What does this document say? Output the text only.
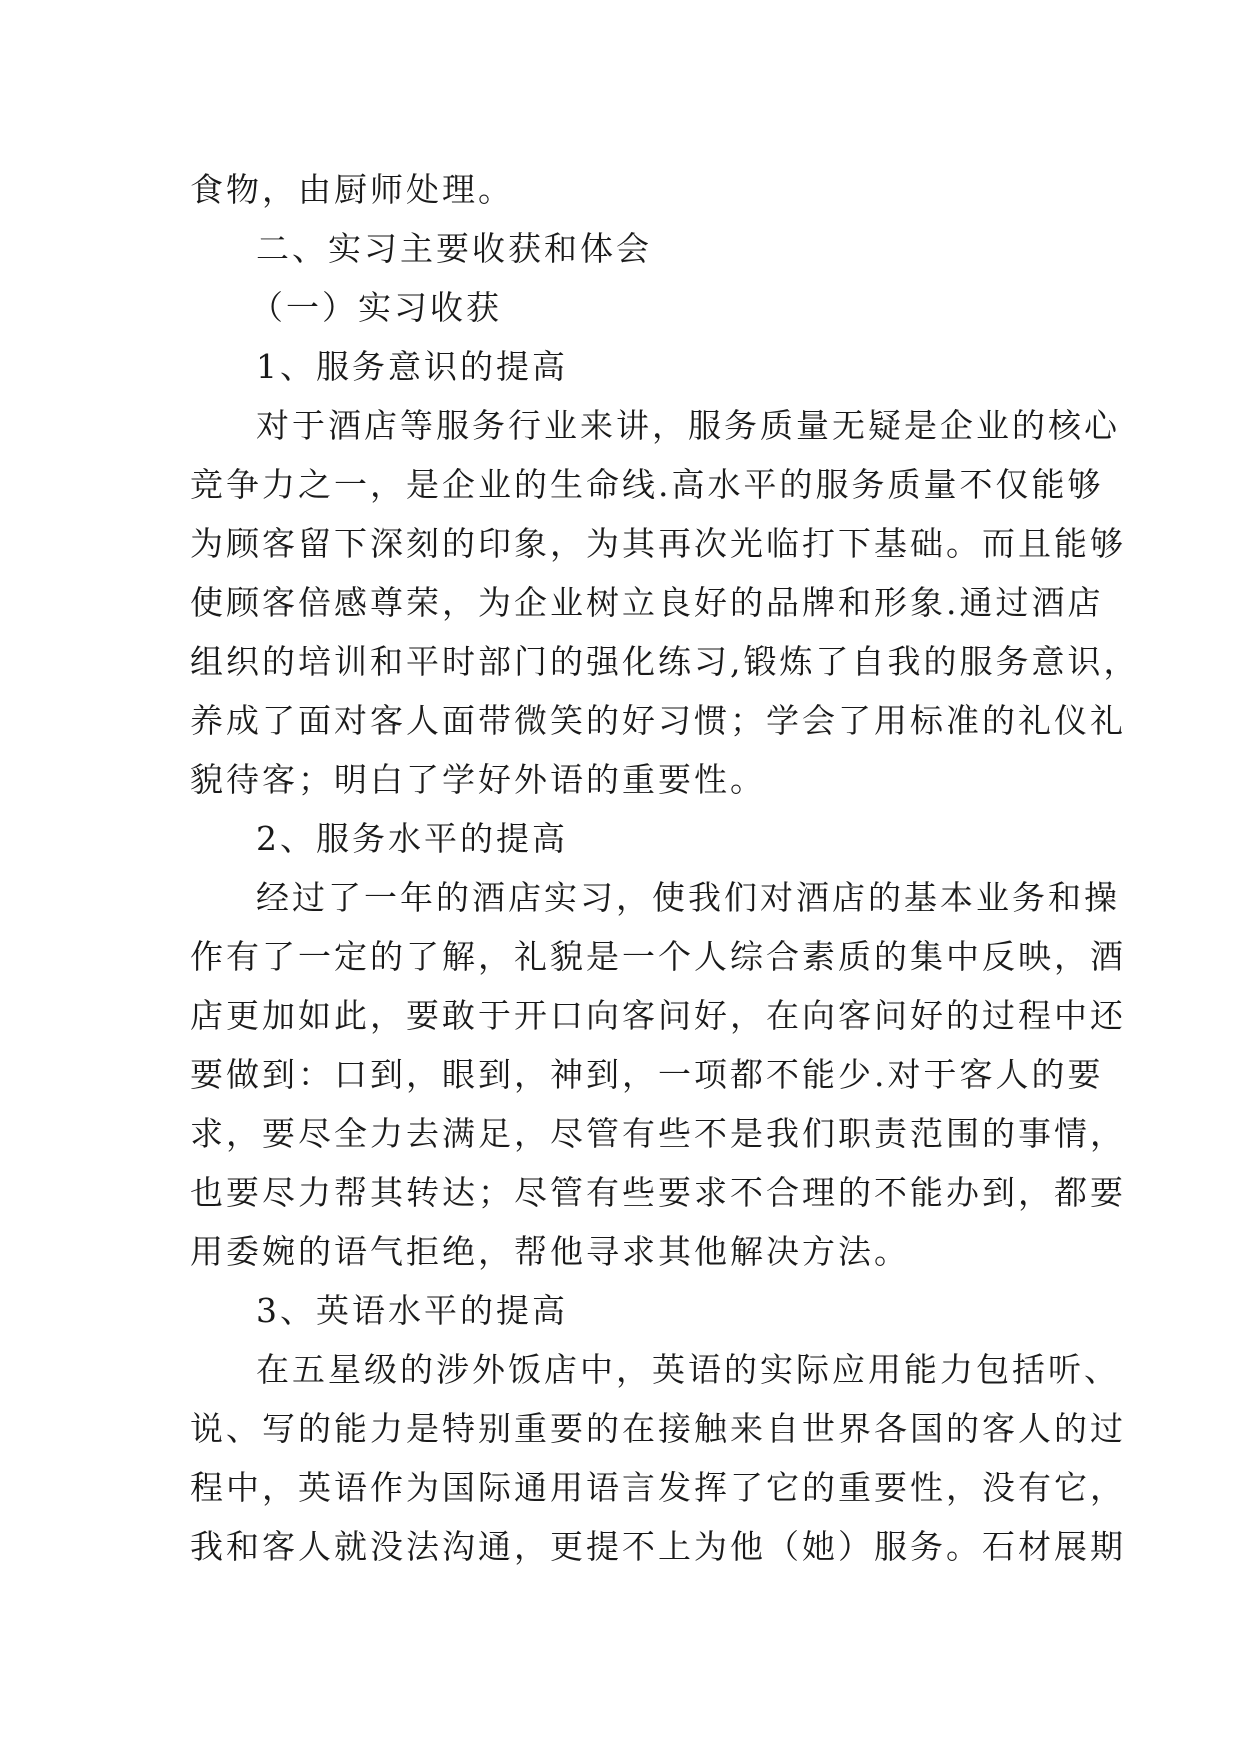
食物，由厨师处理。
二、实习主要收获和体会
（一）实习收获
1、服务意识的提高
对于酒店等服务行业来讲，服务质量无疑是企业的核心
竞争力之一，是企业的生命线.高水平的服务质量不仅能够
为顾客留下深刻的印象，为其再次光临打下基础。而且能够
使顾客倍感尊荣，为企业树立良好的品牌和形象.通过酒店
组织的培训和平时部门的强化练习,锻炼了自我的服务意识，
养成了面对客人面带微笑的好习惯；学会了用标准的礼仪礼
貌待客；明白了学好外语的重要性。
2、服务水平的提高
经过了一年的酒店实习，使我们对酒店的基本业务和操
作有了一定的了解，礼貌是一个人综合素质的集中反映，酒
店更加如此，要敢于开口向客问好，在向客问好的过程中还
要做到：口到，眼到，神到，一项都不能少.对于客人的要
求，要尽全力去满足，尽管有些不是我们职责范围的事情，
也要尽力帮其转达；尽管有些要求不合理的不能办到，都要
用委婉的语气拒绝，帮他寻求其他解决方法。
3、英语水平的提高
在五星级的涉外饭店中，英语的实际应用能力包括听、
说、写的能力是特别重要的在接触来自世界各国的客人的过
程中，英语作为国际通用语言发挥了它的重要性，没有它，
我和客人就没法沟通，更提不上为他（她）服务。石材展期
